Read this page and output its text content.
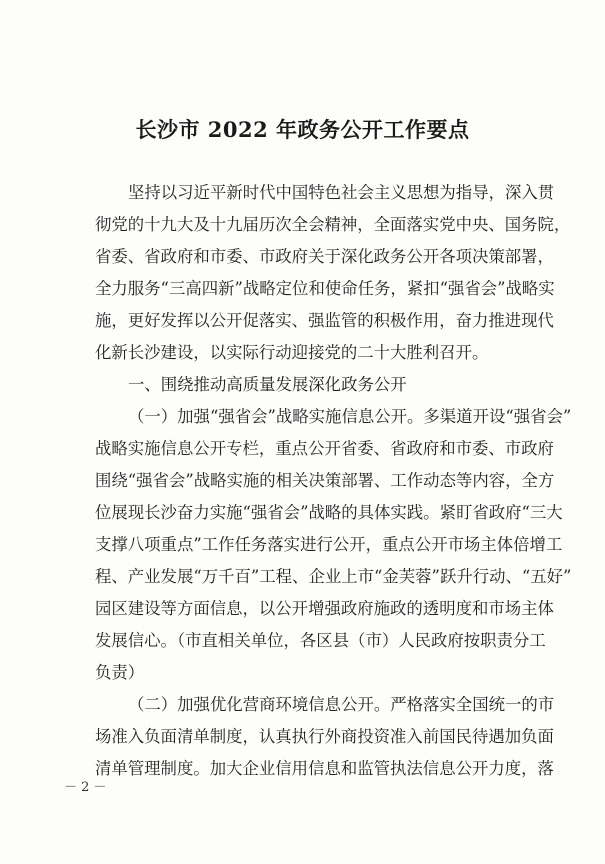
长沙市 2022 年政务公开工作要点
坚持以习近平新时代中国特色社会主义思想为指导，深入贯
彻党的十九大及十九届历次全会精神，全面落实党中央、国务院，
省委、省政府和市委、市政府关于深化政务公开各项决策部署，
全力服务“三高四新”战略定位和使命任务，紧扣“强省会”战略实
施，更好发挥以公开促落实、强监管的积极作用，奋力推进现代
化新长沙建设，以实际行动迎接党的二十大胜利召开。
一、围绕推动高质量发展深化政务公开
（一）加强“强省会”战略实施信息公开。多渠道开设“强省会”
战略实施信息公开专栏，重点公开省委、省政府和市委、市政府
围绕“强省会”战略实施的相关决策部署、工作动态等内容，全方
位展现长沙奋力实施“强省会”战略的具体实践。紧盯省政府“三大
支撑八项重点”工作任务落实进行公开，重点公开市场主体倍增工
程、产业发展“万千百”工程、企业上市“金芙蓉”跃升行动、“五好”
园区建设等方面信息，以公开增强政府施政的透明度和市场主体
发展信心。（市直相关单位，各区县（市）人民政府按职责分工
负责）
（二）加强优化营商环境信息公开。严格落实全国统一的市
场准入负面清单制度，认真执行外商投资准入前国民待遇加负面
清单管理制度。加大企业信用信息和监管执法信息公开力度，落
－ 2 －
